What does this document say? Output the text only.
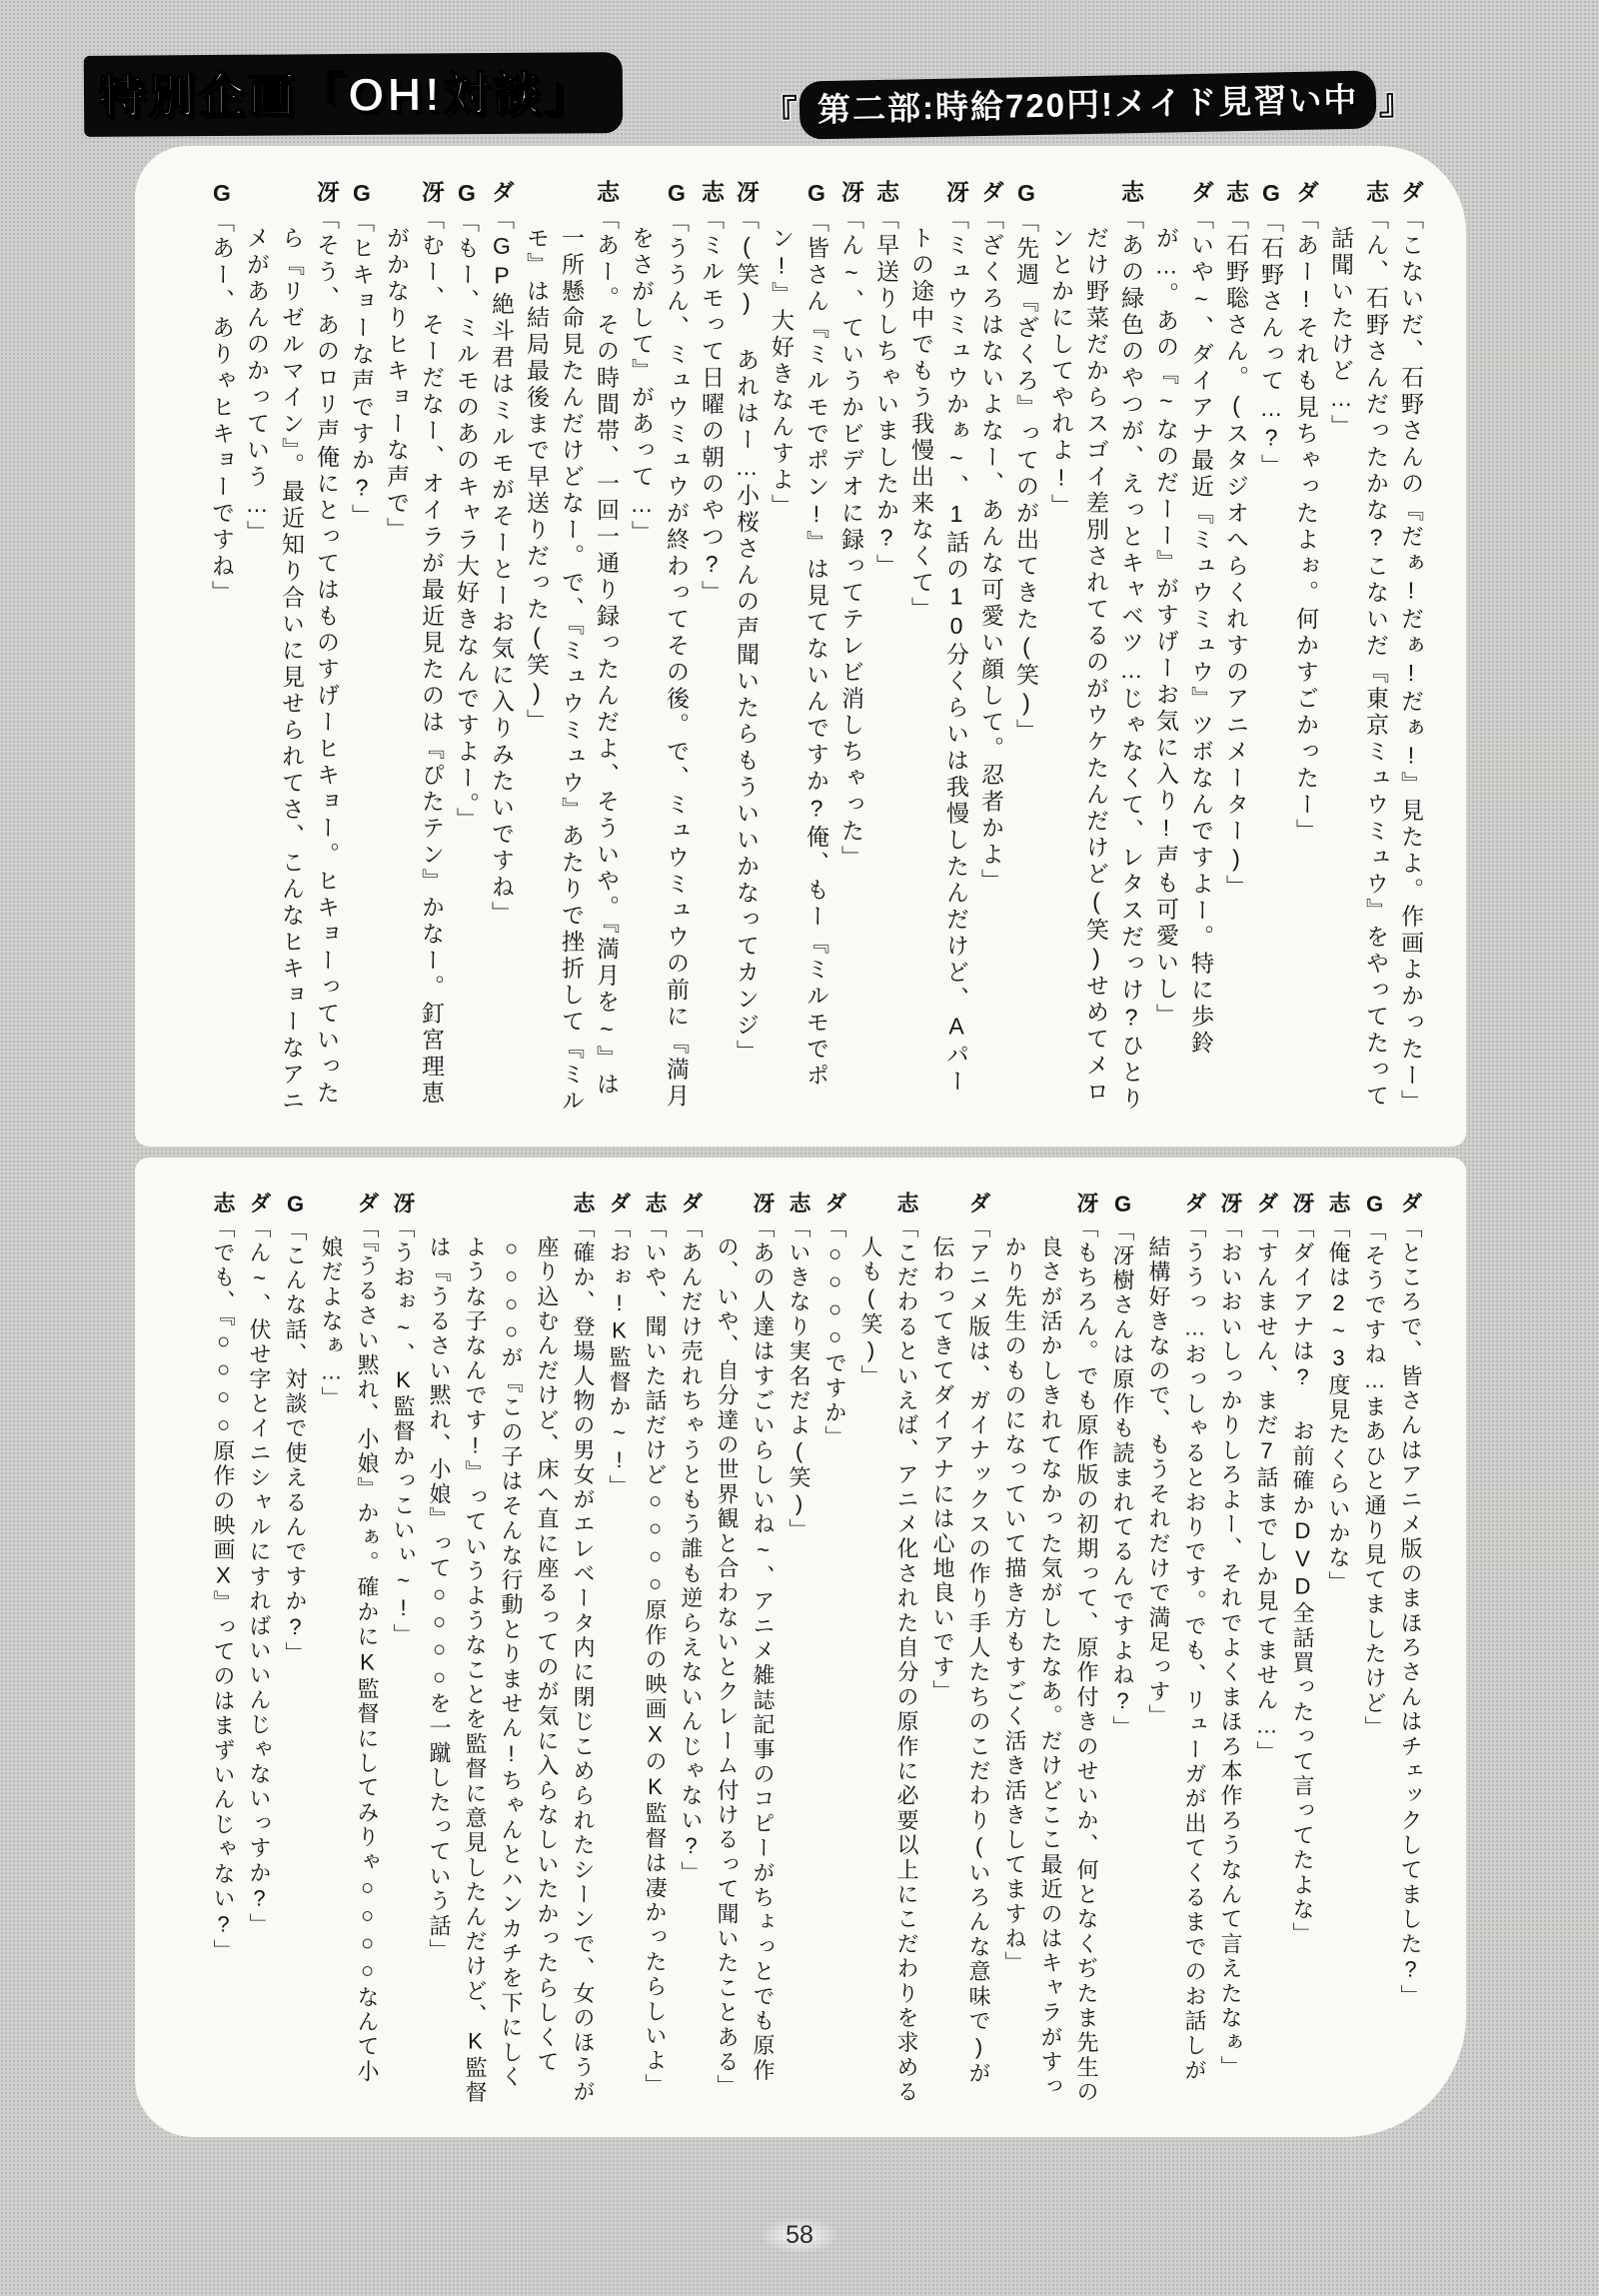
特別企画「OH!対談」	『 第二部:時給720円!メイド見習い中 』

ダ「こないだ、石野さんの『だぁ!だぁ!だぁ!』見たよ。作画よかったー」

志「ん、石野さんだったかな?こないだ『東京ミュウミュウ』をやってたって話聞いたけど…」

ダ「あー!それも見ちゃったよぉ。何かすごかったー」

G「石野さんって…?」

志「石野聡さん。(スタジオへらくれすのアニメーター)」

ダ「いや~、ダイアナ最近『ミュウミュウ』ツボなんですよー。特に歩鈴が…。あの『~なのだーー』がすげーお気に入り!声も可愛いし」

志「あの緑色のやつが、えっとキャベツ…じゃなくて、レタスだっけ?ひとりだけ野菜だからスゴイ差別されてるのがウケたんだけど(笑)せめてメロンとかにしてやれよ!」

G「先週『ざくろ』ってのが出てきた(笑)」

ダ「ざくろはないよなー、あんな可愛い顔して。忍者かよ」

冴「ミュウミュウかぁ~、1話の10分くらいは我慢したんだけど、Aパートの途中でもう我慢出来なくて」

志「早送りしちゃいましたか?」

冴「ん~、ていうかビデオに録ってテレビ消しちゃった」

G「皆さん『ミルモでポン!』は見てないんですか?俺、もー『ミルモでポン!』大好きなんすよ」

冴「(笑) あれはー…小桜さんの声聞いたらもういいかなってカンジ」

志「ミルモって日曜の朝のやつ?」

G「ううん、ミュウミュウが終わってその後。で、ミュウミュウの前に『満月をさがして』があって…」

志「あー。その時間帯、一回一通り録ったんだよ、そういや。『満月を~』は一所懸命見たんだけどなー。で、『ミュウミュウ』あたりで挫折して『ミルモ』は結局最後まで早送りだった(笑)」

ダ「GP絶斗君はミルモがそーとーお気に入りみたいですね」

G「もー、ミルモのあのキャラ大好きなんですよー。」

冴「むー、そーだなー、オイラが最近見たのは『ぴたテン』かなー。釘宮理恵がかなりヒキョーな声で」

G「ヒキョーな声ですか?」

冴「そう、あのロリ声俺にとってはものすげーヒキョー。ヒキョーっていったら『リゼルマイン』。最近知り合いに見せられてさ、こんなヒキョーなアニメがあんのかっていう…」

G「あー、ありゃヒキョーですね」

ダ「ところで、皆さんはアニメ版のまほろさんはチェックしてました?」

G「そうですね…まあひと通り見てましたけど」

志「俺は2~3度見たくらいかな」

冴「ダイアナは? お前確かDVD全話買ったって言ってたよな」

ダ「すんません、まだ7話までしか見てません…」

冴「おいおいしっかりしろよー、それでよくまほろ本作ろうなんて言えたなぁ」

ダ「ううっ…おっしゃるとおりです。でも、リューガが出てくるまでのお話しが結構好きなので、もうそれだけで満足っす」

G「冴樹さんは原作も読まれてるんですよね?」

冴「もちろん。でも原作版の初期って、原作付きのせいか、何となくぢたま先生の良さが活かしきれてなかった気がしたなあ。だけどここ最近のはキャラがすっかり先生のものになっていて描き方もすごく活き活きしてますね」

ダ「アニメ版は、ガイナックスの作り手人たちのこだわり(いろんな意味で)が伝わってきてダイアナには心地良いです」

志「こだわるといえば、アニメ化された自分の原作に必要以上にこだわりを求める人も(笑)」

ダ「○○○○ですか」

志「いきなり実名だよ(笑)」

冴「あの人達はすごいらしいね~、アニメ雑誌記事のコピーがちょっとでも原作の、いや、自分達の世界観と合わないとクレーム付けるって聞いたことある」

ダ「あんだけ売れちゃうともう誰も逆らえないんじゃない?」

志「いや、聞いた話だけど○○○○原作の映画XのK監督は凄かったらしいよ」

ダ「おぉ!K監督か~!」

志「確か、登場人物の男女がエレベータ内に閉じこめられたシーンで、女のほうが座り込むんだけど、床へ直に座るってのが気に入らなしいたかったらしくて○○○○が『この子はそんな行動とりません!ちゃんとハンカチを下にしくような子なんです!』っていうようなことを監督に意見したんだけど、K監督は『うるさい黙れ、小娘』って○○○○を一蹴したっていう話」

冴「うおぉ~、K監督かっこいぃ~!」

ダ「『うるさい黙れ、小娘』かぁ。確かにK監督にしてみりゃ○○○○なんて小娘だよなぁ…」

G「こんな話、対談で使えるんですか?」

ダ「ん~、伏せ字とイニシャルにすればいいんじゃないっすか?」

志「でも、『○○○○原作の映画X』ってのはまずいんじゃない?」

58
